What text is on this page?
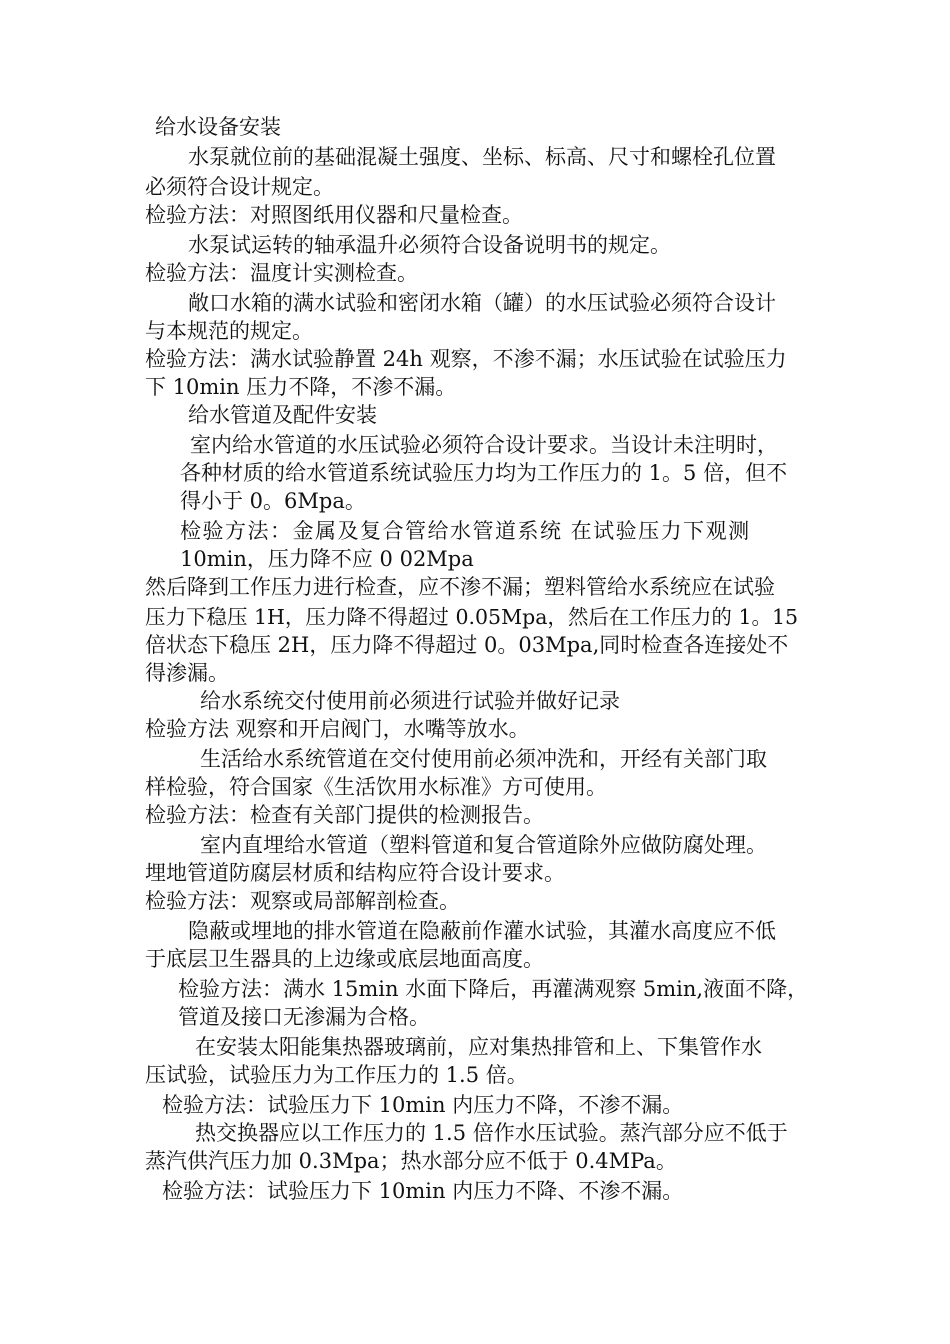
给水设备安装

水泵就位前的基础混凝土强度、坐标、标高、尺寸和螺栓孔位置

必须符合设计规定。

检验方法：对照图纸用仪器和尺量检查。

水泵试运转的轴承温升必须符合设备说明书的规定。

检验方法：温度计实测检查。

敞口水箱的满水试验和密闭水箱（罐）的水压试验必须符合设计

与本规范的规定。

检验方法：满水试验静置 24h 观察，不渗不漏；水压试验在试验压力

下 10min 压力不降，不渗不漏。

给水管道及配件安装

室内给水管道的水压试验必须符合设计要求。当设计未注明时，

各种材质的给水管道系统试验压力均为工作压力的 1。5 倍，但不

得小于 0。6Mpa。

检验方法：金属及复合管给水管道系统 在试验压力下观测

10min，压力降不应 0 02Mpa

然后降到工作压力进行检查，应不渗不漏；塑料管给水系统应在试验

压力下稳压 1H，压力降不得超过 0.05Mpa，然后在工作压力的 1。15

倍状态下稳压 2H，压力降不得超过 0。03Mpa,同时检查各连接处不

得渗漏。

给水系统交付使用前必须进行试验并做好记录

检验方法 观察和开启阀门，水嘴等放水。

生活给水系统管道在交付使用前必须冲洗和，开经有关部门取

样检验，符合国家《生活饮用水标准》方可使用。

检验方法：检查有关部门提供的检测报告。

室内直埋给水管道（塑料管道和复合管道除外应做防腐处理。

埋地管道防腐层材质和结构应符合设计要求。

检验方法：观察或局部解剖检查。

隐蔽或埋地的排水管道在隐蔽前作灌水试验，其灌水高度应不低

于底层卫生器具的上边缘或底层地面高度。

检验方法：满水 15min 水面下降后，再灌满观察 5min,液面不降，

管道及接口无渗漏为合格。

在安装太阳能集热器玻璃前，应对集热排管和上、下集管作水

压试验，试验压力为工作压力的 1.5 倍。

检验方法：试验压力下 10min 内压力不降，不渗不漏。

热交换器应以工作压力的 1.5 倍作水压试验。蒸汽部分应不低于

蒸汽供汽压力加 0.3Mpa；热水部分应不低于 0.4MPa。

检验方法：试验压力下 10min 内压力不降、不渗不漏。
